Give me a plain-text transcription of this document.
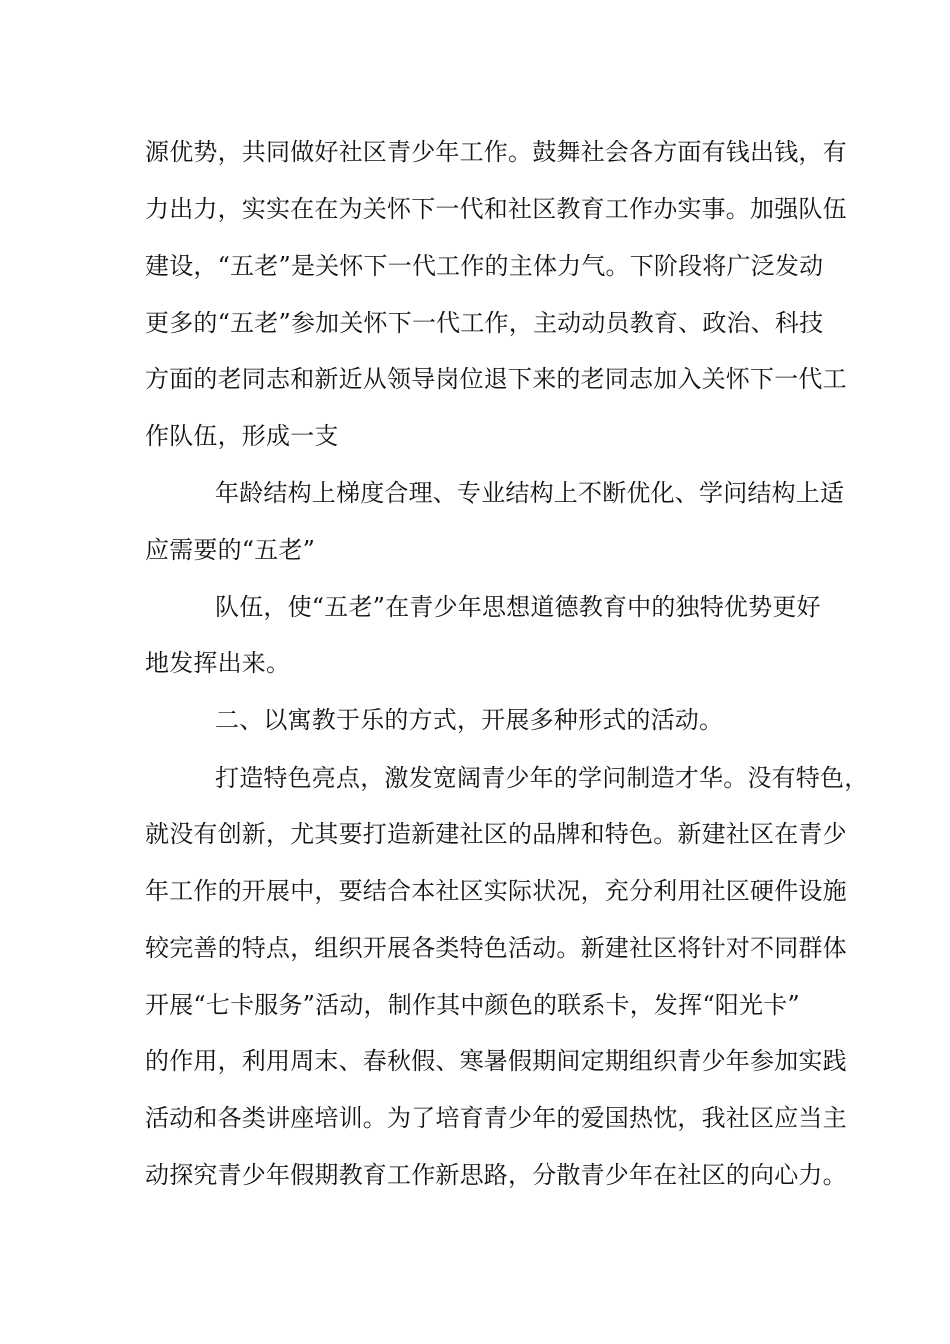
源优势，共同做好社区青少年工作。鼓舞社会各方面有钱出钱，有
力出力，实实在在为关怀下一代和社区教育工作办实事。加强队伍
建设，“五老”是关怀下一代工作的主体力气。下阶段将广泛发动
更多的“五老”参加关怀下一代工作，主动动员教育、政治、科技
方面的老同志和新近从领导岗位退下来的老同志加入关怀下一代工
作队伍，形成一支
年龄结构上梯度合理、专业结构上不断优化、学问结构上适
应需要的“五老”
队伍，使“五老”在青少年思想道德教育中的独特优势更好
地发挥出来。
二、以寓教于乐的方式，开展多种形式的活动。
打造特色亮点，激发宽阔青少年的学问制造才华。没有特色，
就没有创新，尤其要打造新建社区的品牌和特色。新建社区在青少
年工作的开展中，要结合本社区实际状况，充分利用社区硬件设施
较完善的特点，组织开展各类特色活动。新建社区将针对不同群体
开展“七卡服务”活动，制作其中颜色的联系卡，发挥“阳光卡”
的作用，利用周末、春秋假、寒暑假期间定期组织青少年参加实践
活动和各类讲座培训。为了培育青少年的爱国热忱，我社区应当主
动探究青少年假期教育工作新思路，分散青少年在社区的向心力。
